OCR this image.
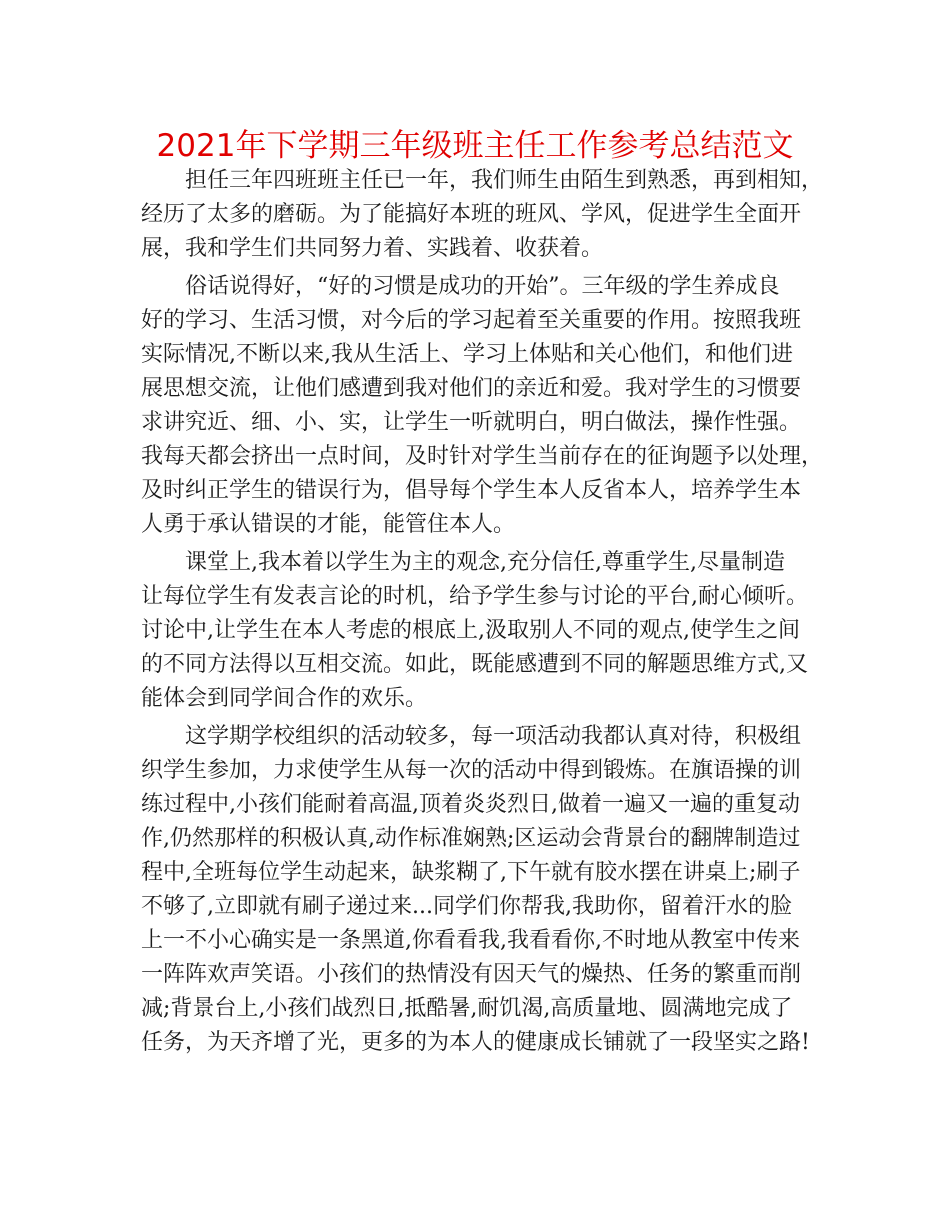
2021年下学期三年级班主任工作参考总结范文
　　担任三年四班班主任已一年，我们师生由陌生到熟悉，再到相知，
经历了太多的磨砺。为了能搞好本班的班风、学风，促进学生全面开
展，我和学生们共同努力着、实践着、收获着。
　　俗话说得好，“好的习惯是成功的开始”。三年级的学生养成良
好的学习、生活习惯，对今后的学习起着至关重要的作用。按照我班
实际情况,不断以来,我从生活上、学习上体贴和关心他们，和他们进
展思想交流，让他们感遭到我对他们的亲近和爱。我对学生的习惯要
求讲究近、细、小、实，让学生一听就明白，明白做法，操作性强。
我每天都会挤出一点时间，及时针对学生当前存在的征询题予以处理，
及时纠正学生的错误行为，倡导每个学生本人反省本人，培养学生本
人勇于承认错误的才能，能管住本人。
　　课堂上,我本着以学生为主的观念,充分信任,尊重学生,尽量制造
让每位学生有发表言论的时机，给予学生参与讨论的平台,耐心倾听。
讨论中,让学生在本人考虑的根底上,汲取别人不同的观点,使学生之间
的不同方法得以互相交流。如此，既能感遭到不同的解题思维方式,又
能体会到同学间合作的欢乐。
　　这学期学校组织的活动较多，每一项活动我都认真对待，积极组
织学生参加，力求使学生从每一次的活动中得到锻炼。在旗语操的训
练过程中,小孩们能耐着高温,顶着炎炎烈日,做着一遍又一遍的重复动
作,仍然那样的积极认真,动作标准娴熟;区运动会背景台的翻牌制造过
程中,全班每位学生动起来，缺浆糊了,下午就有胶水摆在讲桌上;刷子
不够了,立即就有刷子递过来...同学们你帮我,我助你，留着汗水的脸
上一不小心确实是一条黑道,你看看我,我看看你,不时地从教室中传来
一阵阵欢声笑语。小孩们的热情没有因天气的燥热、任务的繁重而削
减;背景台上,小孩们战烈日,抵酷暑,耐饥渴,高质量地、圆满地完成了
任务，为天齐增了光，更多的为本人的健康成长铺就了一段坚实之路!
